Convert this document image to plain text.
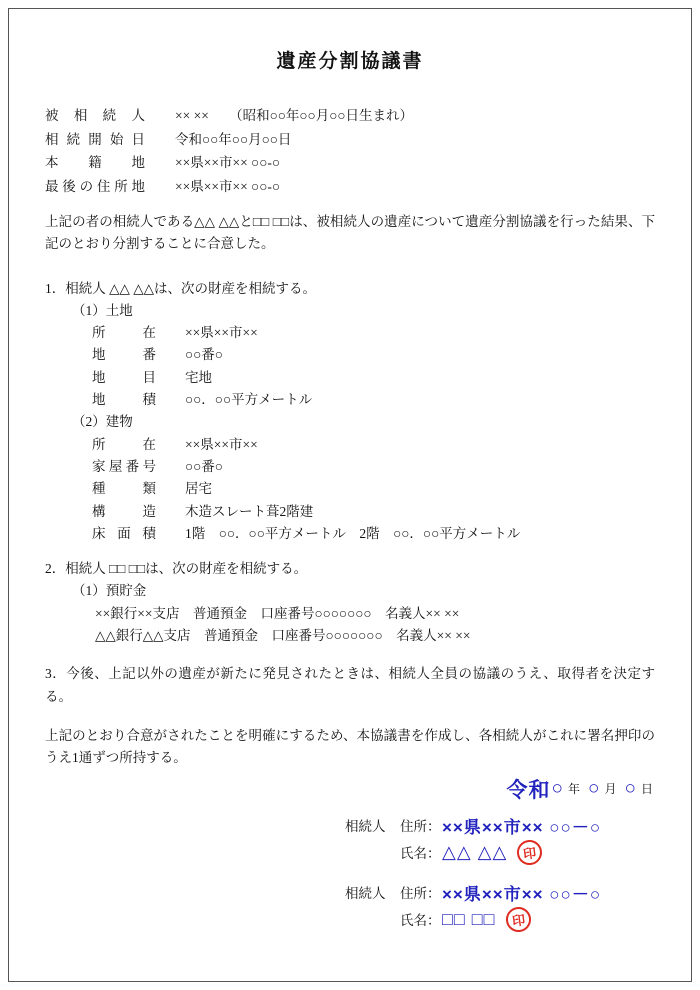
遺産分割協議書
被相続人 ×× ××　　（昭和○○年○○月○○日生まれ）
相続開始日 令和○○年○○月○○日
本籍地 ××県××市×× ○○-○
最後の住所地 ××県××市×× ○○-○
上記の者の相続人である△△ △△と□□ □□は、被相続人の遺産について遺産分割協議を行った結果、下記のとおり分割することに合意した。
1．相続人 △△ △△は、次の財産を相続する。
（1）土地
所在 ××県××市××
地番 ○○番○
地目 宅地
地積 ○○．○○平方メートル
（2）建物
所在 ××県××市××
家屋番号 ○○番○
種類 居宅
構造 木造スレート葺2階建
床面積 1階　○○．○○平方メートル　2階　○○．○○平方メートル
2．相続人 □□ □□は、次の財産を相続する。
（1）預貯金
××銀行××支店　普通預金　口座番号○○○○○○○　名義人×× ××
△△銀行△△支店　普通預金　口座番号○○○○○○○　名義人×× ××
3．今後、上記以外の遺産が新たに発見されたときは、相続人全員の協議のうえ、取得者を決定する。
上記のとおり合意がされたことを明確にするため、本協議書を作成し、各相続人がこれに署名押印のうえ1通ずつ所持する。
令和 ○ 年 ○ 月 ○ 日
相続人	住所： ××県××市×× ○○－○
氏名： △△ △△	印
相続人	住所： ××県××市×× ○○－○
氏名： □□ □□	印
